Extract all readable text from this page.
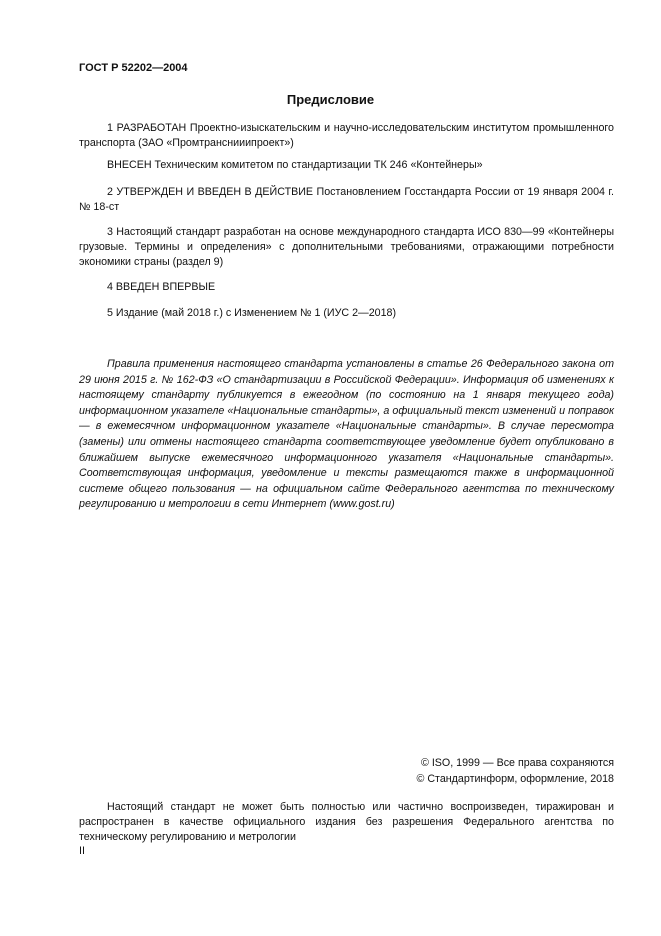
ГОСТ Р 52202—2004
Предисловие
1 РАЗРАБОТАН Проектно-изыскательским и научно-исследовательским институтом промышленного транспорта (ЗАО «Промтранснииипроект»)
ВНЕСЕН Техническим комитетом по стандартизации ТК 246 «Контейнеры»
2 УТВЕРЖДЕН И ВВЕДЕН В ДЕЙСТВИЕ Постановлением Госстандарта России от 19 января 2004 г. № 18-ст
3 Настоящий стандарт разработан на основе международного стандарта ИСО 830—99 «Контейнеры грузовые. Термины и определения» с дополнительными требованиями, отражающими потребности экономики страны (раздел 9)
4 ВВЕДЕН ВПЕРВЫЕ
5 Издание (май 2018 г.) с Изменением № 1 (ИУС 2—2018)
Правила применения настоящего стандарта установлены в статье 26 Федерального закона от 29 июня 2015 г. № 162-ФЗ «О стандартизации в Российской Федерации». Информация об изменениях к настоящему стандарту публикуется в ежегодном (по состоянию на 1 января текущего года) информационном указателе «Национальные стандарты», а официальный текст изменений и поправок — в ежемесячном информационном указателе «Национальные стандарты». В случае пересмотра (замены) или отмены настоящего стандарта соответствующее уведомление будет опубликовано в ближайшем выпуске ежемесячного информационного указателя «Национальные стандарты». Соответствующая информация, уведомление и тексты размещаются также в информационной системе общего пользования — на официальном сайте Федерального агентства по техническому регулированию и метрологии в сети Интернет (www.gost.ru)
© ISO, 1999 — Все права сохраняются
© Стандартинформ, оформление, 2018
Настоящий стандарт не может быть полностью или частично воспроизведен, тиражирован и распространен в качестве официального издания без разрешения Федерального агентства по техническому регулированию и метрологии
II
